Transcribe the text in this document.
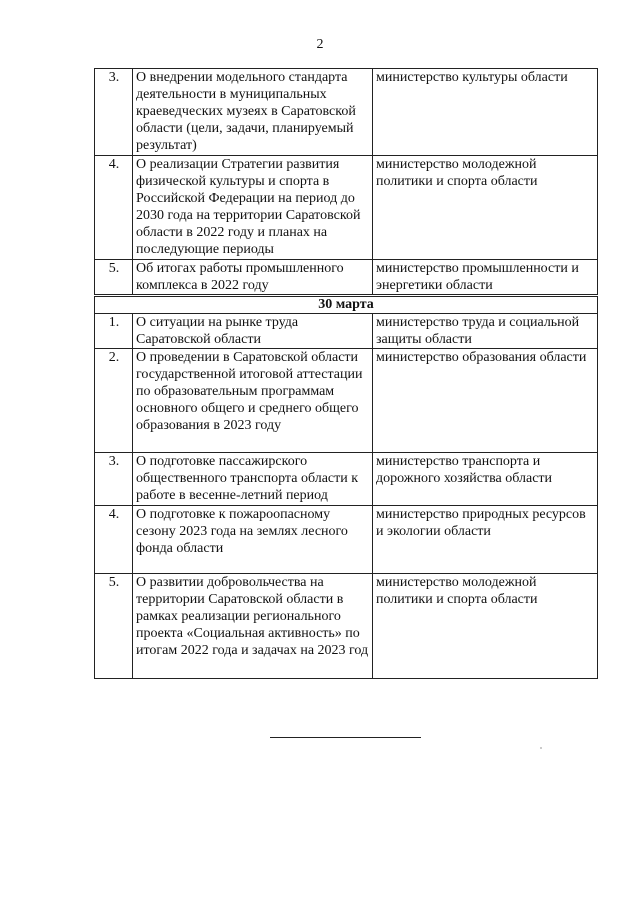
2
3.	О внедрении модельного стандарта деятельности в муниципальных краеведческих музеях в Саратовской области (цели, задачи, планируемый результат)	министерство культуры области
4.	О реализации Стратегии развития физической культуры и спорта в Российской Федерации на период до 2030 года на территории Саратовской области в 2022 году и планах на последующие периоды	министерство молодежной политики и спорта области
5.	Об итогах работы промышленного комплекса в 2022 году	министерство промышленности и энергетики области
30 марта		
1.	О ситуации на рынке труда Саратовской области	министерство труда и социальной защиты области
2.	О проведении в Саратовской области государственной итоговой аттестации по образовательным программам основного общего и среднего общего образования в 2023 году	министерство образования области
3.	О подготовке пассажирского общественного транспорта области к работе в весенне-летний период	министерство транспорта и дорожного хозяйства области
4.	О подготовке к пожароопасному сезону 2023 года на землях лесного фонда области	министерство природных ресурсов и экологии области
5.	О развитии добровольчества на территории Саратовской области в рамках реализации регионального проекта «Социальная активность» по итогам 2022 года и задачах на 2023 год	министерство молодежной политики и спорта области
